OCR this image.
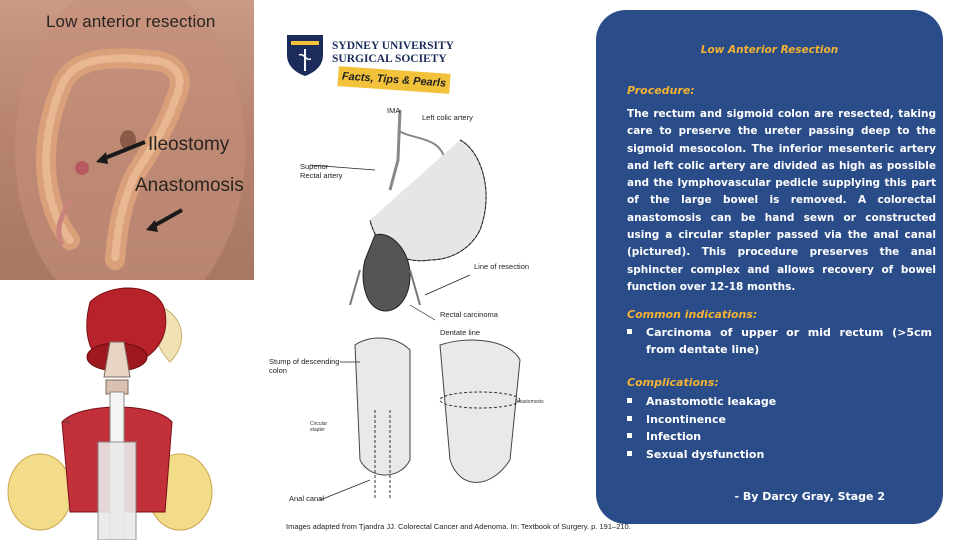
Low anterior resection
Ileostomy
Anastomosis
SYDNEY UNIVERSITY
SURGICAL SOCIETY
Facts, Tips & Pearls
IMA
Left colic artery
Superior
Rectal artery
Line of resection
Rectal carcinoma
Dentate line
Stump of descending
colon
Circular
stapler
Anastomosis
Anal canal
Images adapted from Tjandra JJ. Colorectal Cancer and Adenoma. In: Textbook of Surgery. p. 191–210.
Low Anterior Resection
Procedure:
The rectum and sigmoid colon are resected, taking care to preserve the ureter passing deep to the sigmoid mesocolon. The inferior mesenteric artery and left colic artery are divided as high as possible and the lymphovascular pedicle supplying this part of the large bowel is removed. A colorectal anastomosis can be hand sewn or constructed using a circular stapler passed via the anal canal (pictured). This procedure preserves the anal sphincter complex and allows recovery of bowel function over 12-18 months.
Common indications:
Carcinoma of upper or mid rectum (>5cm from dentate line)
Complications:
Anastomotic leakage
Incontinence
Infection
Sexual dysfunction
- By Darcy Gray, Stage 2
